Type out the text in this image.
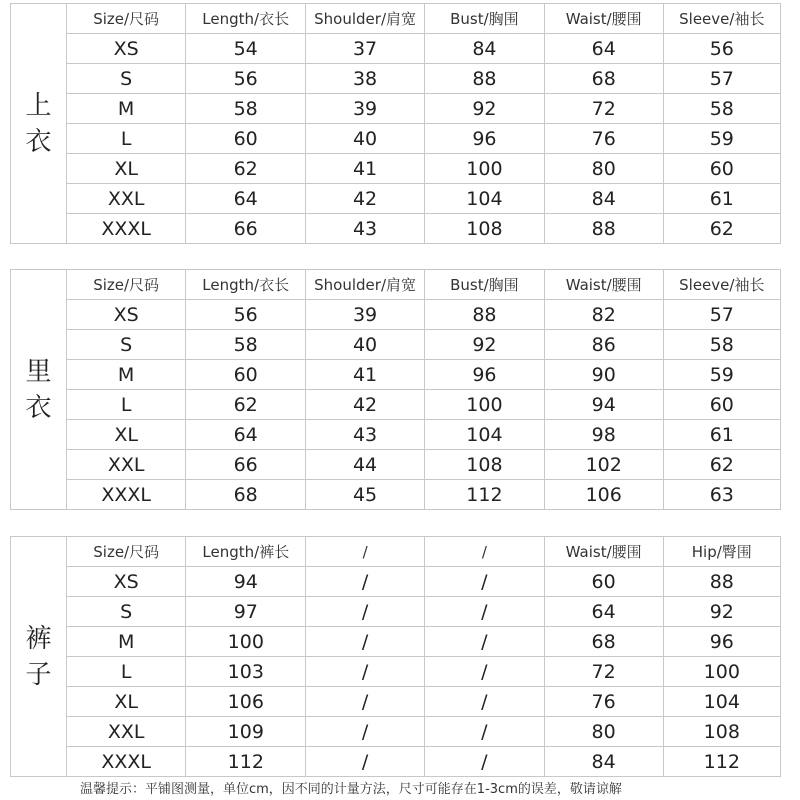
上
衣
Size/尺码	Length/衣长	Shoulder/肩宽	Bust/胸围	Waist/腰围	Sleeve/袖长
XS	54	37	84	64	56
S	56	38	88	68	57
M	58	39	92	72	58
L	60	40	96	76	59
XL	62	41	100	80	60
XXL	64	42	104	84	61
XXXL	66	43	108	88	62
里
衣
Size/尺码	Length/衣长	Shoulder/肩宽	Bust/胸围	Waist/腰围	Sleeve/袖长
XS	56	39	88	82	57
S	58	40	92	86	58
M	60	41	96	90	59
L	62	42	100	94	60
XL	64	43	104	98	61
XXL	66	44	108	102	62
XXXL	68	45	112	106	63
裤
子
Size/尺码	Length/裤长	/	/	Waist/腰围	Hip/臀围
XS	94	/	/	60	88
S	97	/	/	64	92
M	100	/	/	68	96
L	103	/	/	72	100
XL	106	/	/	76	104
XXL	109	/	/	80	108
XXXL	112	/	/	84	112
温馨提示：平铺图测量，单位cm，因不同的计量方法，尺寸可能存在1-3cm的误差，敬请谅解
